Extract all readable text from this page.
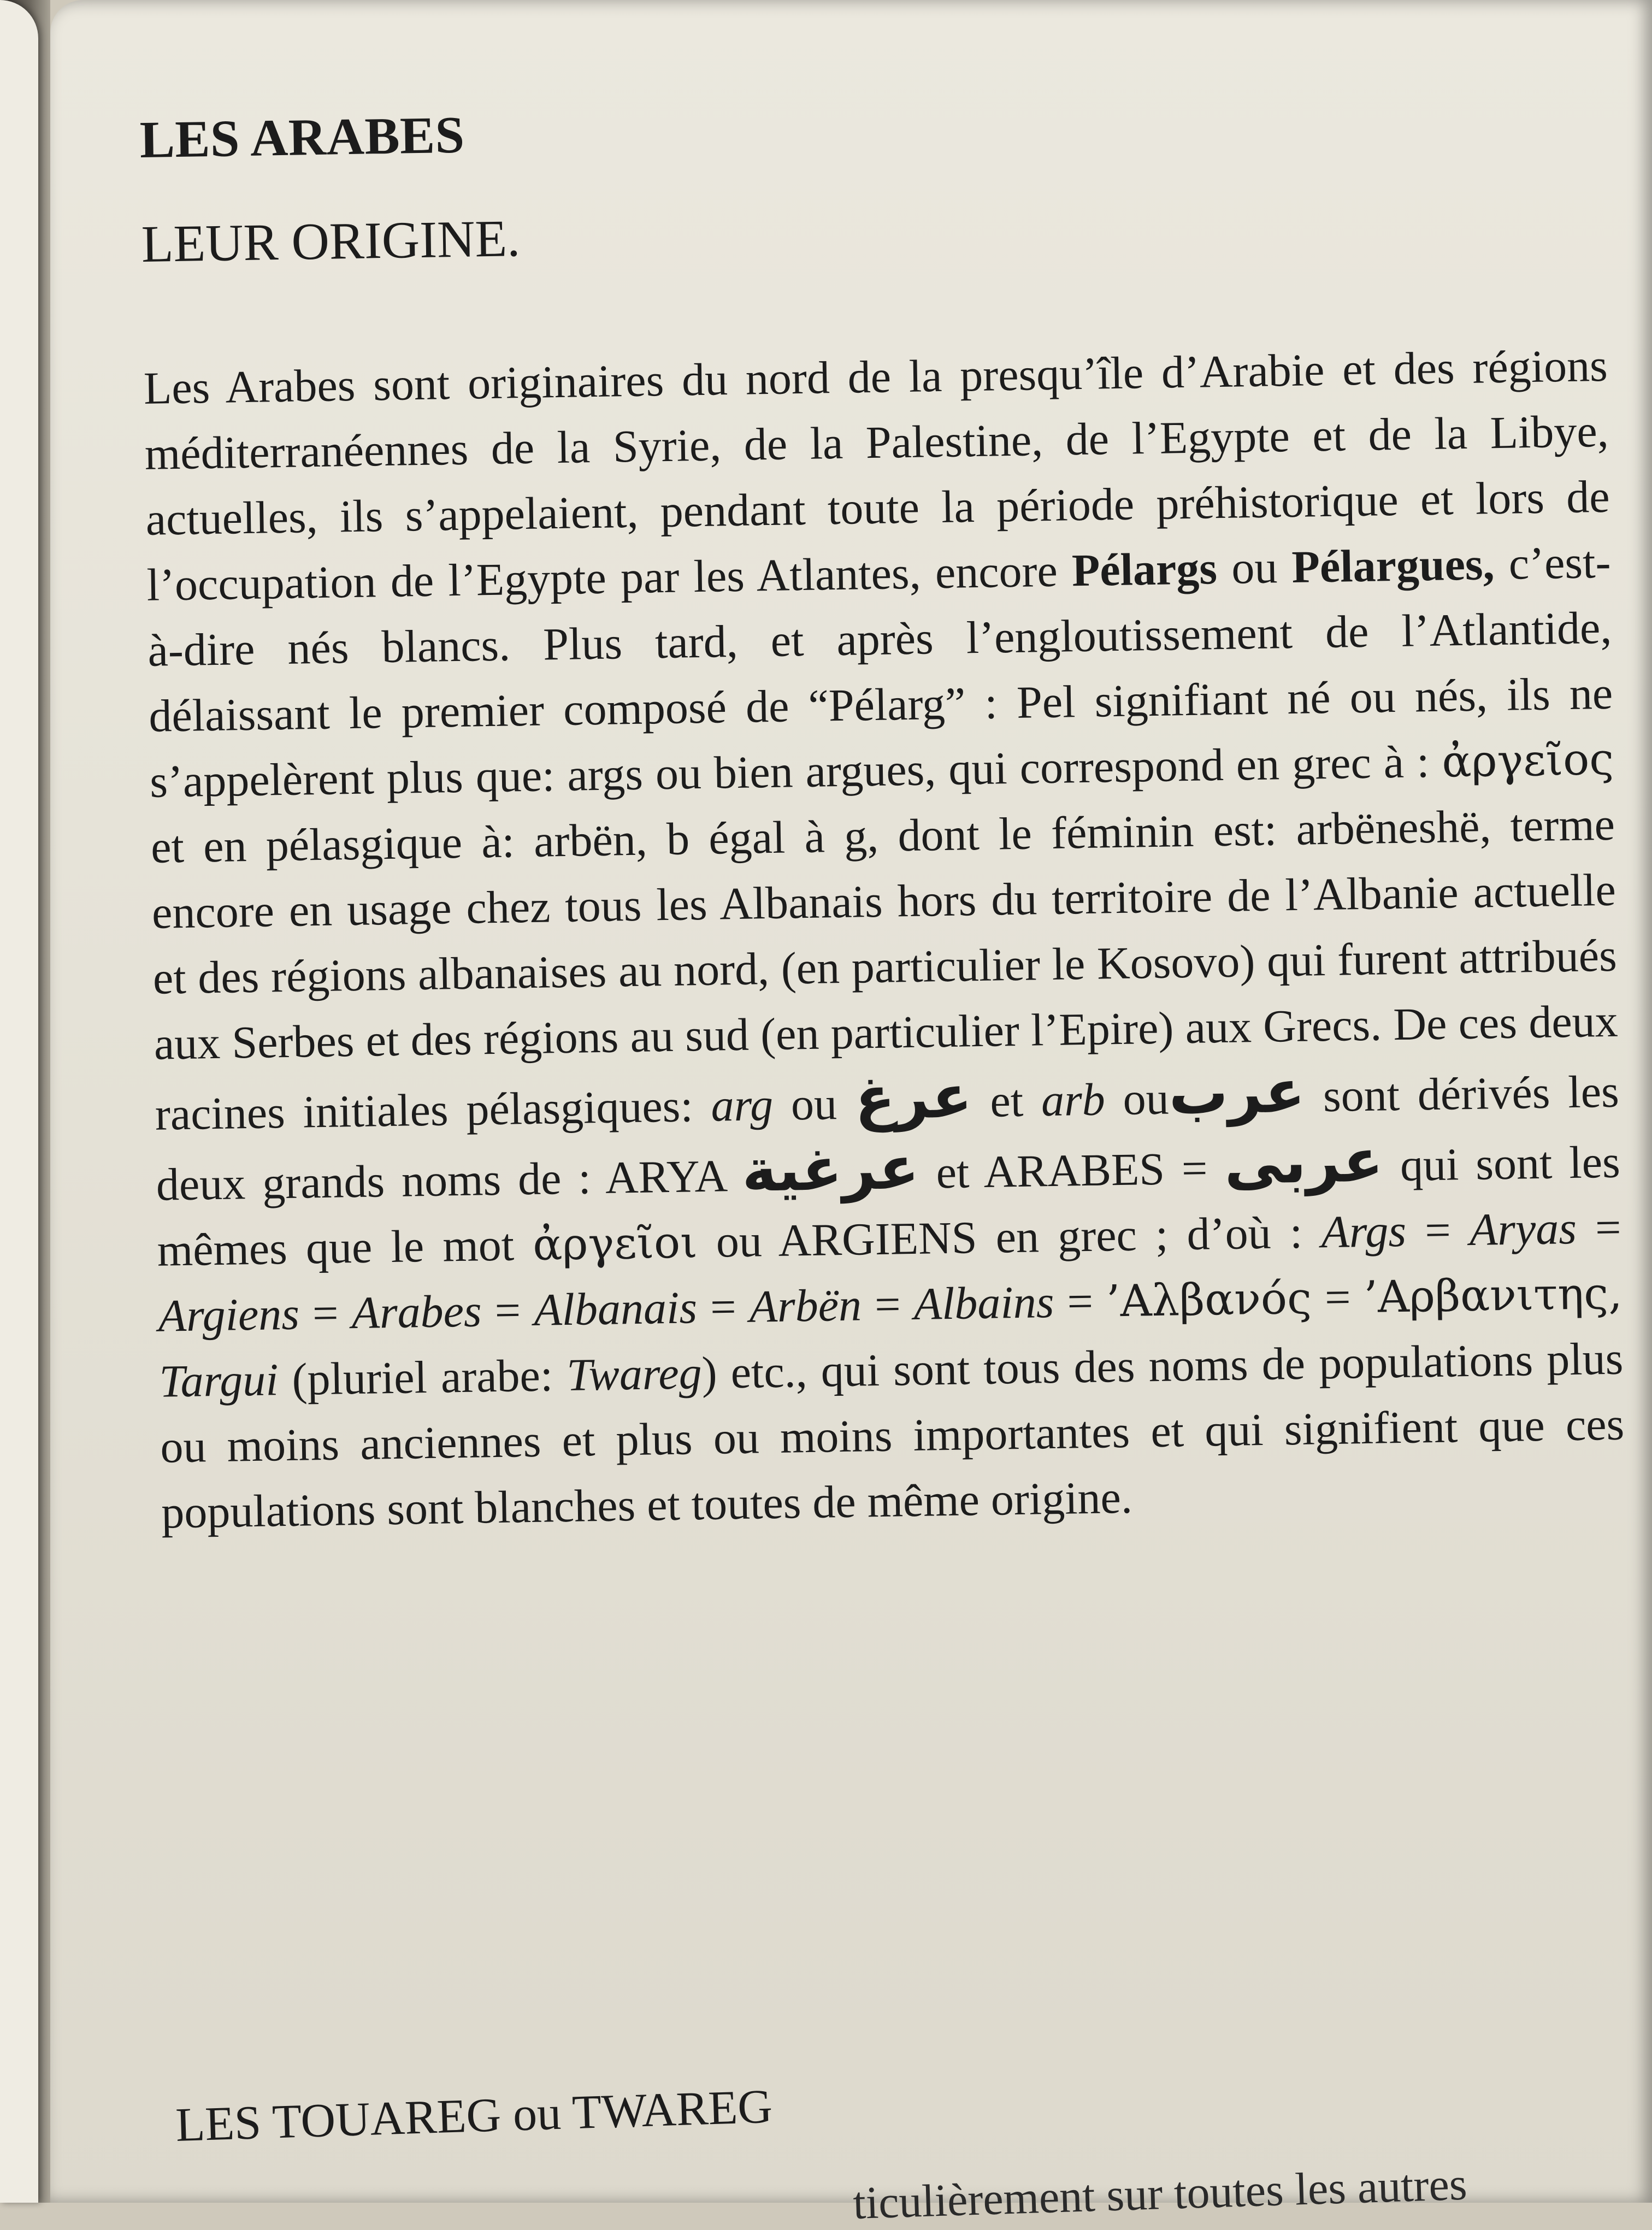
LES ARABES
LEUR ORIGINE.

Les Arabes sont originaires du nord de la presqu’île d’Arabie et des régions méditerranéennes de la Syrie, de la Palestine, de l’Egypte et de la Libye, actuelles, ils s’appelaient, pendant toute la période préhistorique et lors de l’occupation de l’Egypte par les Atlantes, encore Pélargs ou Pélargues, c’est-à-dire nés blancs. Plus tard, et après l’engloutissement de l’Atlantide, délaissant le premier composé de “Pélarg” : Pel signifiant né ou nés, ils ne s’appelèrent plus que: args ou bien argues, qui correspond en grec à : ἀργεῖος et en pélasgique à: arbën, b égal à g, dont le féminin est: arbëneshë, terme encore en usage chez tous les Albanais hors du territoire de l’Albanie actuelle et des régions albanaises au nord, (en particulier le Kosovo) qui furent attribués aux Serbes et des régions au sud (en particulier l’Epire) aux Grecs. De ces deux racines initiales pélasgiques: arg ou عرغ et arb ouعرب sont dérivés les deux grands noms de : ARYA عرغية et ARABES = عربى qui sont les mêmes que le mot ἀργεῖοι ou ARGIENS en grec ; d’où : Args = Aryas = Argiens = Arabes = Albanais = Arbën = Albains = ’Αλβανός = ’Αρβανιτης, Targui (pluriel arabe: Twareg) etc., qui sont tous des noms de populations plus ou moins anciennes et plus ou moins importantes et qui signifient que ces populations sont blanches et toutes de même origine.

LES TOUAREG ou TWAREG
ticulièrement sur toutes les autres
